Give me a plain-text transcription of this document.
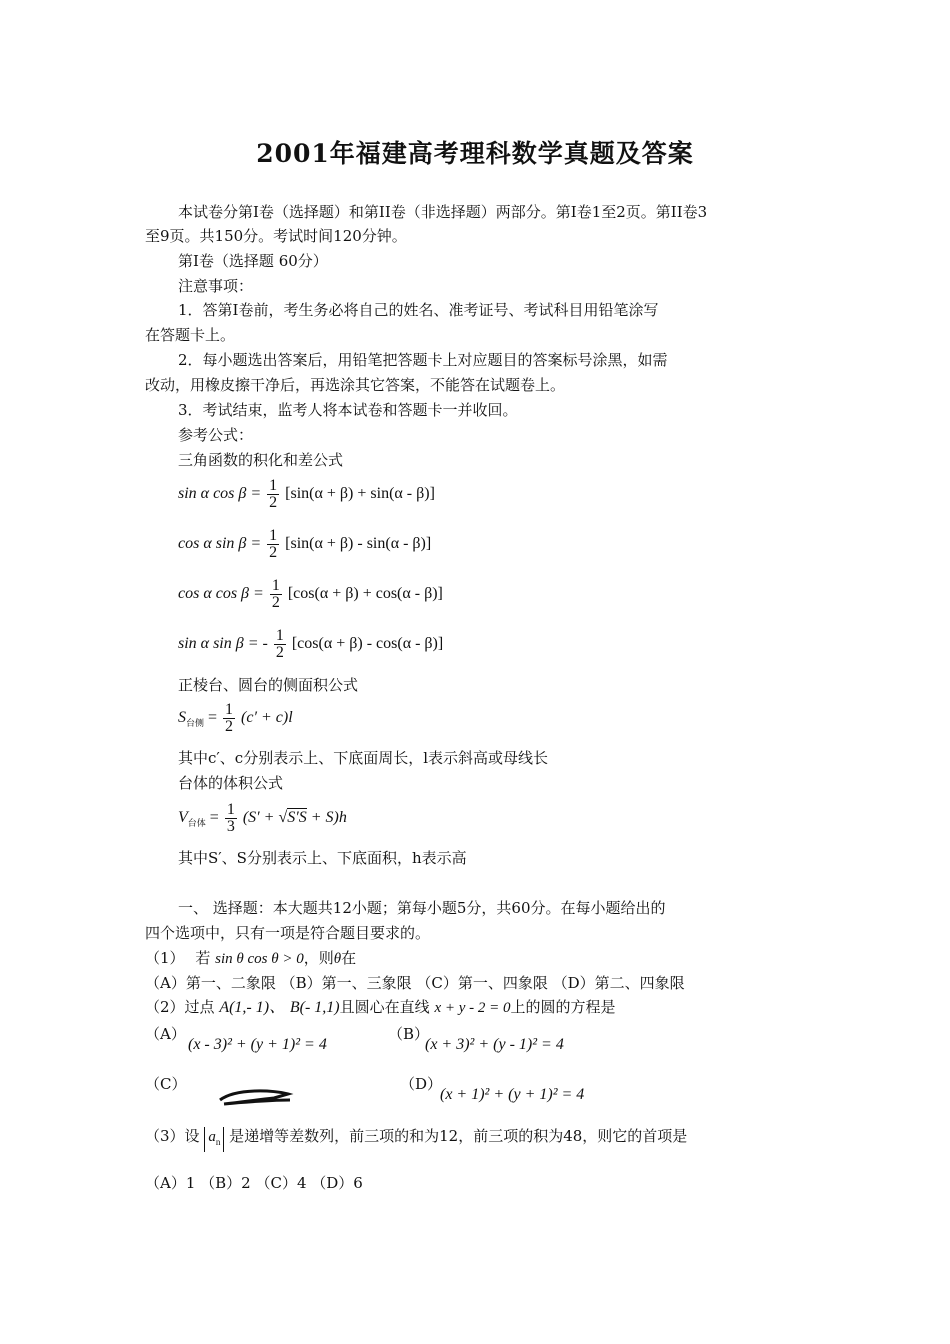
2001年福建高考理科数学真题及答案
本试卷分第Ⅰ卷（选择题）和第II卷（非选择题）两部分。第Ⅰ卷1至2页。第II卷3
至9页。共150分。考试时间120分钟。
第Ⅰ卷（选择题 60分）
注意事项：
1．答第Ⅰ卷前，考生务必将自己的姓名、准考证号、考试科目用铅笔涂写
在答题卡上。
2．每小题选出答案后，用铅笔把答题卡上对应题目的答案标号涂黑，如需
改动，用橡皮擦干净后，再选涂其它答案，不能答在试题卷上。
3．考试结束，监考人将本试卷和答题卡一并收回。
参考公式：
三角函数的积化和差公式
sin α $\cos \beta = \frac{1}{2} [\sin(\alpha + \beta) + \sin(\alpha - \beta)]$
cos α $\sin \beta = \frac{1}{2} [\sin(\alpha + \beta) - \sin(\alpha - \beta)]$
cos α $\cos \beta = \frac{1}{2} [\cos(\alpha + \beta) + \cos(\alpha - \beta)]$
sin α sin β = - $\frac{1}{2} [\cos(\alpha + \beta) - \cos(\alpha - \beta)]$
正棱台、圆台的侧面积公式
$S_{台侧} = \frac{1}{2} (c' + c)l$
其中c′、c分别表示上、下底面周长，l表示斜高或母线长
台体的体积公式
$V_{台体} = \frac{1}{3} (S' + √S'S + S)h$
其中S′、S分别表示上、下底面积，h表示高
一、 选择题：本大题共12小题；第每小题5分，共60分。在每小题给出的
四个选项中，只有一项是符合题目要求的。
（1） 若 sin θ cos θ > 0，则θ在
（A）第一、二象限 （B）第一、三象限 （C）第一、四象限 （D）第二、四象限
（2）过点 A(1,- 1)、 B(- 1,1)且圆心在直线 x + y - 2 = 0上的圆的方程是
（A）
(x - 3)² + (y + 1)² = 4
（B）
(x + 3)² + (y - 1)² = 4
（C）	（D）
(x + 1)² + (y + 1)² = 4
（3）设 $a_n$ 是递增等差数列，前三项的和为12，前三项的积为48，则它的首项是
（A）1 （B）2 （C）4 （D）6
